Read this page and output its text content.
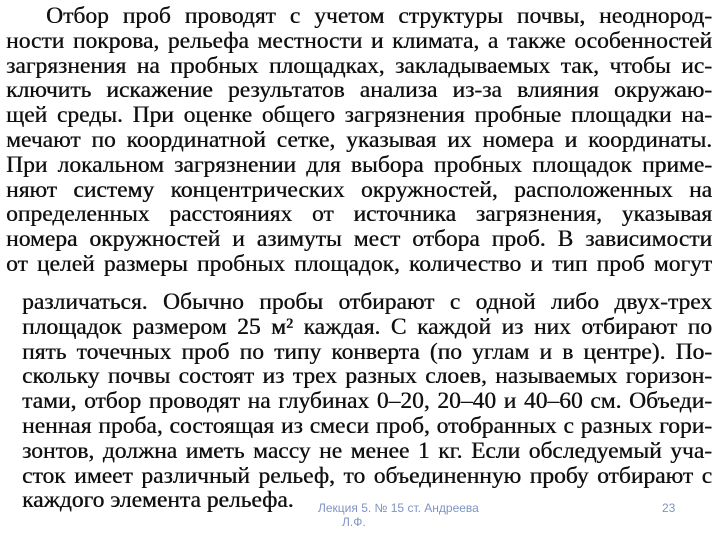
Отбор проб проводят с учетом структуры почвы, неоднород-
ности покрова, рельефа местности и климата, а также особенностей
загрязнения на пробных площадках, закладываемых так, чтобы ис-
ключить искажение результатов анализа из-за влияния окружаю-
щей среды. При оценке общего загрязнения пробные площадки на-
мечают по координатной сетке, указывая их номера и координаты.
При локальном загрязнении для выбора пробных площадок приме-
няют систему концентрических окружностей, расположенных на
определенных расстояниях от источника загрязнения, указывая
номера окружностей и азимуты мест отбора проб. В зависимости
от целей размеры пробных площадок, количество и тип проб могут
различаться. Обычно пробы отбирают с одной либо двух-трех
площадок размером 25 м² каждая. С каждой из них отбирают по
пять точечных проб по типу конверта (по углам и в центре). По-
скольку почвы состоят из трех разных слоев, называемых горизон-
тами, отбор проводят на глубинах 0–20, 20–40 и 40–60 см. Объеди-
ненная проба, состоящая из смеси проб, отобранных с разных гори-
зонтов, должна иметь массу не менее 1 кг. Если обследуемый уча-
сток имеет различный рельеф, то объединенную пробу отбирают с
каждого элемента рельефа.	Лекция 5. № 15 ст. Андреева
Л.Ф.
23
